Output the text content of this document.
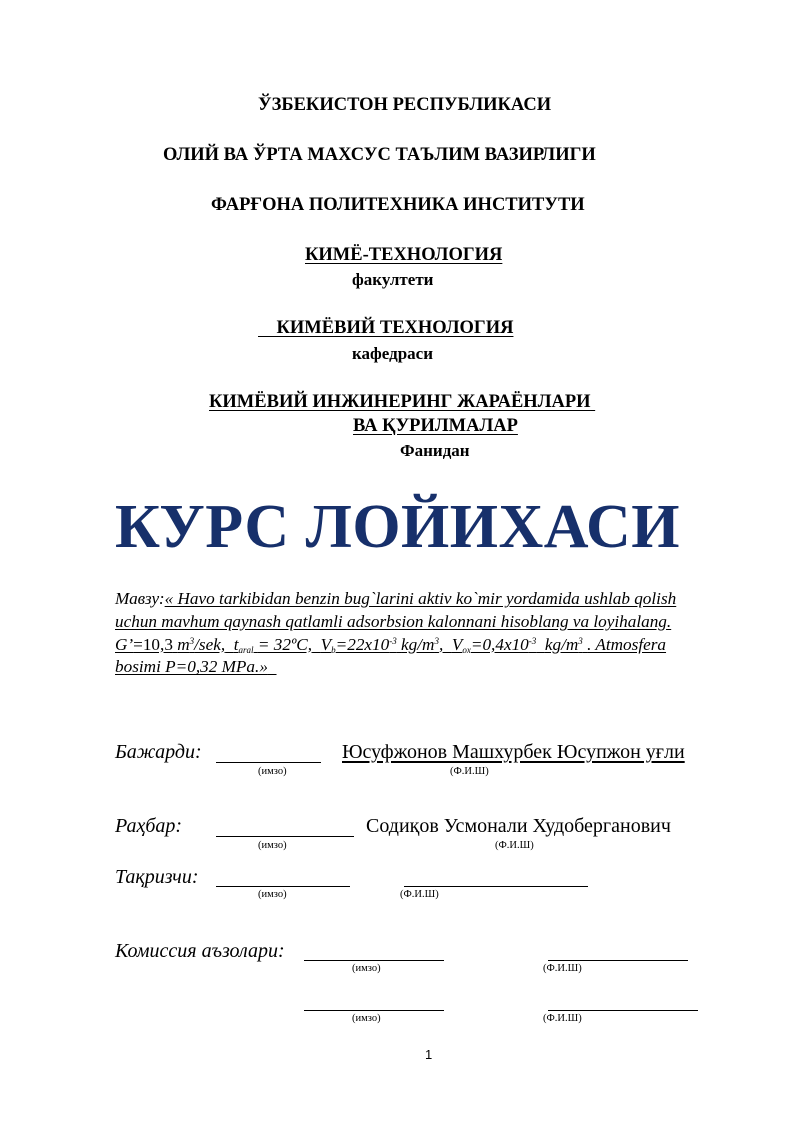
ЎЗБЕКИСТОН РЕСПУБЛИКАСИ
ОЛИЙ ВА ЎРТА МАХСУС ТАЪЛИМ ВАЗИРЛИГИ
ФАРҒОНА ПОЛИТЕХНИКА ИНСТИТУТИ
КИМЁ-ТЕХНОЛОГИЯ
факултети
КИМЁВИЙ ТЕХНОЛОГИЯ
кафедраси
КИМЁВИЙ ИНЖИНЕРИНГ ЖАРАЁНЛАРИ
ВА ҚУРИЛМАЛАР
Фанидан
КУРС ЛОЙИХАСИ
Мавзу:« Havo tarkibidan benzin bug`larini aktiv ko`mir yordamida ushlab qolish
uchun mavhum qaynash qatlamli adsorbsion kalonnani hisoblang va loyihalang.
G’=10,3 $m^3$/sek, $t_{aral}$ = 32ºC, $V_b=22x10^{-3}$ $kg/m^3$,  $V_{ox}=0,4x10^{-3}$ $kg/m^3$ . Atmosfera
bosimi P=0,32 MPa.»
Бажарди:	Юсуфжонов Машхурбек Юсупжон уғли
(имзо)	(Ф.И.Ш)
Раҳбар:	Содиқов Усмонали Худоберганович
(имзо)	(Ф.И.Ш)
Тақризчи:
(имзо)	(Ф.И.Ш)
Комиссия аъзолари:
(имзо)	(Ф.И.Ш)
(имзо)	(Ф.И.Ш)
1
